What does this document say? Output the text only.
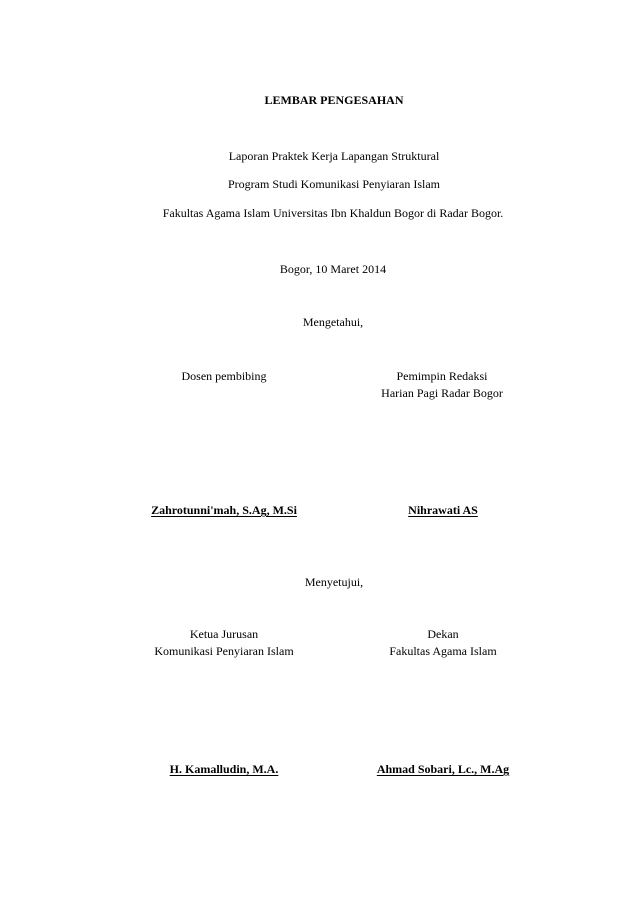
LEMBAR PENGESAHAN
Laporan Praktek Kerja Lapangan Struktural
Program Studi Komunikasi Penyiaran Islam
Fakultas Agama Islam Universitas Ibn Khaldun Bogor di Radar Bogor.
Bogor, 10 Maret 2014
Mengetahui,
Dosen pembibing	Pemimpin Redaksi
Harian Pagi Radar Bogor
Zahrotunni'mah, S.Ag, M.Si	Nihrawati AS
Menyetujui,
Ketua Jurusan
Komunikasi Penyiaran Islam
Dekan
Fakultas Agama Islam
H. Kamalludin, M.A.	Ahmad Sobari, Lc., M.Ag
